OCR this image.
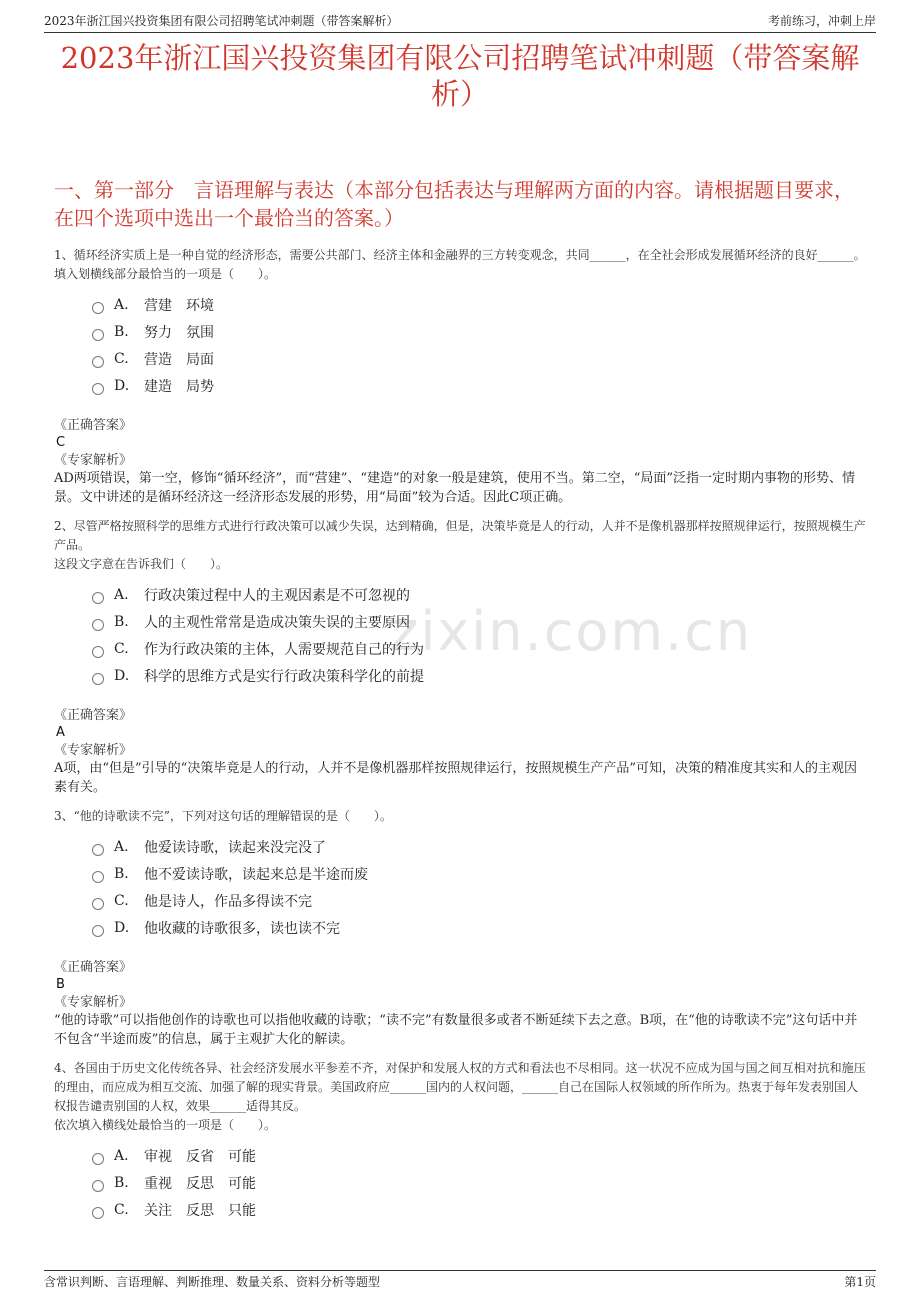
2023年浙江国兴投资集团有限公司招聘笔试冲刺题（带答案解析）	考前练习，冲刺上岸
2023年浙江国兴投资集团有限公司招聘笔试冲刺题（带答案解析）
一、第一部分　言语理解与表达（本部分包括表达与理解两方面的内容。请根据题目要求，在四个选项中选出一个最恰当的答案。）
zixin.com.cn
1、循环经济实质上是一种自觉的经济形态，需要公共部门、经济主体和金融界的三方转变观念，共同______，在全社会形成发展循环经济的良好______。
填入划横线部分最恰当的一项是（　　）。
A.	营建　环境
B.	努力　氛围
C.	营造　局面
D.	建造　局势
《正确答案》
C
《专家解析》
AD两项错误，第一空，修饰“循环经济”，而“营建”、“建造”的对象一般是建筑，使用不当。第二空，“局面”泛指一定时期内事物的形势、情景。文中讲述的是循环经济这一经济形态发展的形势，用“局面”较为合适。因此C项正确。
2、尽管严格按照科学的思维方式进行行政决策可以减少失误，达到精确，但是，决策毕竟是人的行动，人并不是像机器那样按照规律运行，按照规模生产产品。
这段文字意在告诉我们（　　）。
A.	行政决策过程中人的主观因素是不可忽视的
B.	人的主观性常常是造成决策失误的主要原因
C.	作为行政决策的主体，人需要规范自己的行为
D.	科学的思维方式是实行行政决策科学化的前提
《正确答案》
A
《专家解析》
A项，由“但是”引导的“决策毕竟是人的行动，人并不是像机器那样按照规律运行，按照规模生产产品”可知，决策的精准度其实和人的主观因素有关。
3、“他的诗歌读不完”，下列对这句话的理解错误的是（　　）。
A.	他爱读诗歌，读起来没完没了
B.	他不爱读诗歌，读起来总是半途而废
C.	他是诗人，作品多得读不完
D.	他收藏的诗歌很多，读也读不完
《正确答案》
B
《专家解析》
“他的诗歌”可以指他创作的诗歌也可以指他收藏的诗歌；“读不完”有数量很多或者不断延续下去之意。B项，在“他的诗歌读不完”这句话中并不包含“半途而废”的信息，属于主观扩大化的解读。
4、各国由于历史文化传统各异、社会经济发展水平参差不齐，对保护和发展人权的方式和看法也不尽相同。这一状况不应成为国与国之间互相对抗和施压的理由，而应成为相互交流、加强了解的现实背景。美国政府应______国内的人权问题，______自己在国际人权领域的所作所为。热衷于每年发表别国人权报告谴责别国的人权，效果______适得其反。
依次填入横线处最恰当的一项是（　　）。
A.	审视　反省　可能
B.	重视　反思　可能
C.	关注　反思　只能
含常识判断、言语理解、判断推理、数量关系、资料分析等题型	第1页
